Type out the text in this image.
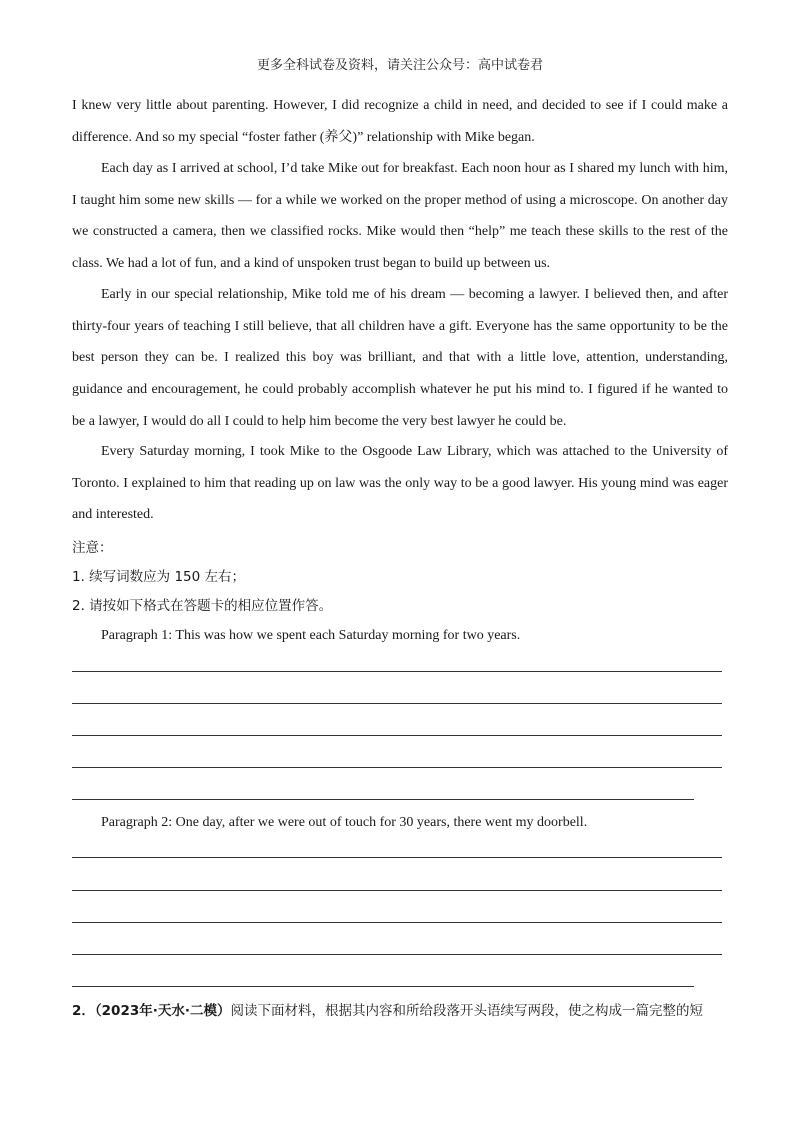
更多全科试卷及资料，请关注公众号：高中试卷君

I knew very little about parenting. However, I did recognize a child in need, and decided to see if I could make a difference. And so my special “foster father (养父)” relationship with Mike began.

Each day as I arrived at school, I’d take Mike out for breakfast. Each noon hour as I shared my lunch with him, I taught him some new skills — for a while we worked on the proper method of using a microscope. On another day we constructed a camera, then we classified rocks. Mike would then “help” me teach these skills to the rest of the class. We had a lot of fun, and a kind of unspoken trust began to build up between us.

Early in our special relationship, Mike told me of his dream — becoming a lawyer. I believed then, and after thirty-four years of teaching I still believe, that all children have a gift. Everyone has the same opportunity to be the best person they can be. I realized this boy was brilliant, and that with a little love, attention, understanding, guidance and encouragement, he could probably accomplish whatever he put his mind to. I figured if he wanted to be a lawyer, I would do all I could to help him become the very best lawyer he could be.

Every Saturday morning, I took Mike to the Osgoode Law Library, which was attached to the University of Toronto. I explained to him that reading up on law was the only way to be a good lawyer. His young mind was eager and interested.

注意：
1. 续写词数应为 150 左右；
2. 请按如下格式在答题卡的相应位置作答。
Paragraph 1: This was how we spent each Saturday morning for two years.
Paragraph 2: One day, after we were out of touch for 30 years, there went my doorbell.
2．（2023年·天水·二模）阅读下面材料，根据其内容和所给段落开头语续写两段，使之构成一篇完整的短
